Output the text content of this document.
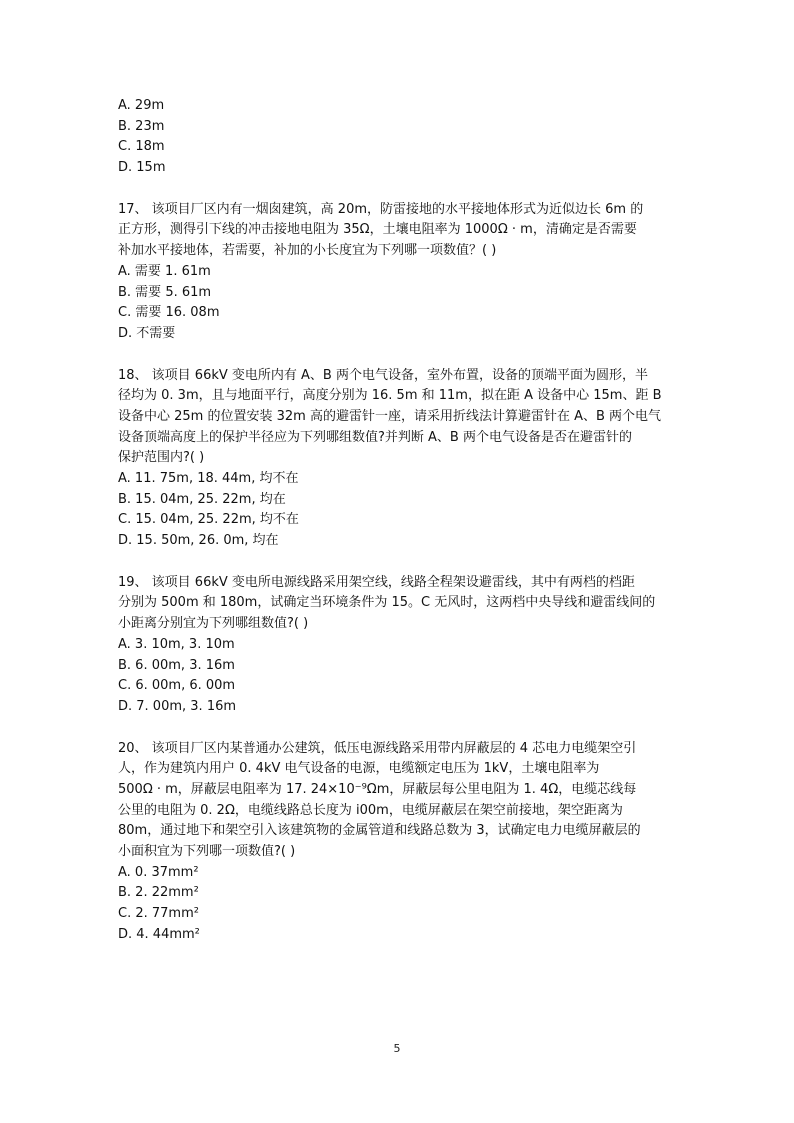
A. 29m
B. 23m
C. 18m
D. 15m
17、 该项目厂区内有一烟囱建筑，高 20m，防雷接地的水平接地体形式为近似边长 6m 的
正方形，测得引下线的冲击接地电阻为 35Ω，土壤电阻率为 1000Ω · m，清确定是否需要
补加水平接地体，若需要，补加的小长度宜为下列哪一项数值？( )
A. 需要 1. 61m
B. 需要 5. 61m
C. 需要 16. 08m
D. 不需要
18、 该项目 66kV 变电所内有 A、B 两个电气设备，室外布置，设备的顶端平面为圆形，半
径均为 0. 3m，且与地面平行，高度分别为 16. 5m 和 11m，拟在距 A 设备中心 15m、距 B
设备中心 25m 的位置安装 32m 高的避雷针一座，请采用折线法计算避雷针在 A、B 两个电气
设备顶端高度上的保护半径应为下列哪组数值?并判断 A、B 两个电气设备是否在避雷针的
保护范围内?( )
A. 11. 75m, 18. 44m, 均不在
B. 15. 04m, 25. 22m, 均在
C. 15. 04m, 25. 22m, 均不在
D. 15. 50m, 26. 0m, 均在
19、 该项目 66kV 变电所电源线路采用架空线，线路全程架设避雷线，其中有两档的档距
分别为 500m 和 180m，试确定当环境条件为 15。C 无风时，这两档中央导线和避雷线间的
小距离分别宜为下列哪组数值?( )
A. 3. 10m, 3. 10m
B. 6. 00m, 3. 16m
C. 6. 00m, 6. 00m
D. 7. 00m, 3. 16m
20、 该项目厂区内某普通办公建筑，低压电源线路采用带内屏蔽层的 4 芯电力电缆架空引
人，作为建筑内用户 0. 4kV 电气设备的电源，电缆额定电压为 1kV，土壤电阻率为
500Ω · m，屏蔽层电阻率为 17. 24×10⁻⁹Ωm，屏蔽层每公里电阻为 1. 4Ω，电缆芯线每
公里的电阻为 0. 2Ω，电缆线路总长度为 i00m，电缆屏蔽层在架空前接地，架空距离为
80m，通过地下和架空引入该建筑物的金属管道和线路总数为 3，试确定电力电缆屏蔽层的
小面积宜为下列哪一项数值?( )
A. 0. 37mm²
B. 2. 22mm²
C. 2. 77mm²
D. 4. 44mm²
5
